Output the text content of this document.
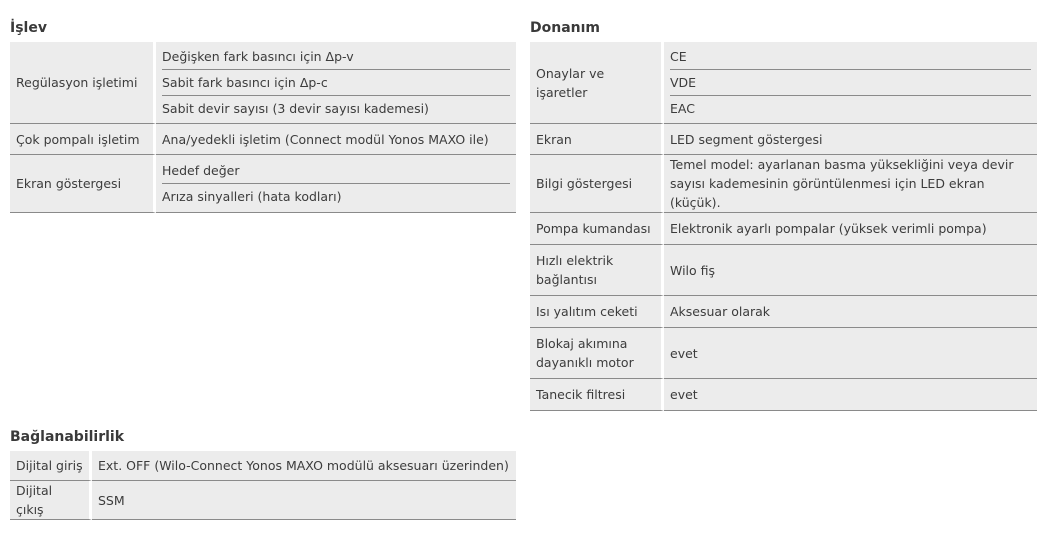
İşlev
Regülasyon işletimi	Değişken fark basıncı için Δp-v
Sabit fark basıncı için Δp-c
Sabit devir sayısı (3 devir sayısı kademesi)

Çok pompalı işletim	Ana/yedekli işletim (Connect modül Yonos MAXO ile)
Ekran göstergesi	Hedef değer
Arıza sinyalleri (hata kodları)
Donanım
Onaylar ve işaretler	CE
VDE
EAC

Ekran	LED segment göstergesi
Bilgi göstergesi	Temel model: ayarlanan basma yüksekliğini veya devir sayısı kademesinin görüntülenmesi için LED ekran (küçük).
Pompa kumandası	Elektronik ayarlı pompalar (yüksek verimli pompa)
Hızlı elektrik bağlantısı	Wilo fiş
Isı yalıtım ceketi	Aksesuar olarak
Blokaj akımına dayanıklı motor	evet
Tanecik filtresi	evet
Bağlanabilirlik
Dijital giriş	Ext. OFF (Wilo-Connect Yonos MAXO modülü aksesuarı üzerinden)
Dijital çıkış	SSM
